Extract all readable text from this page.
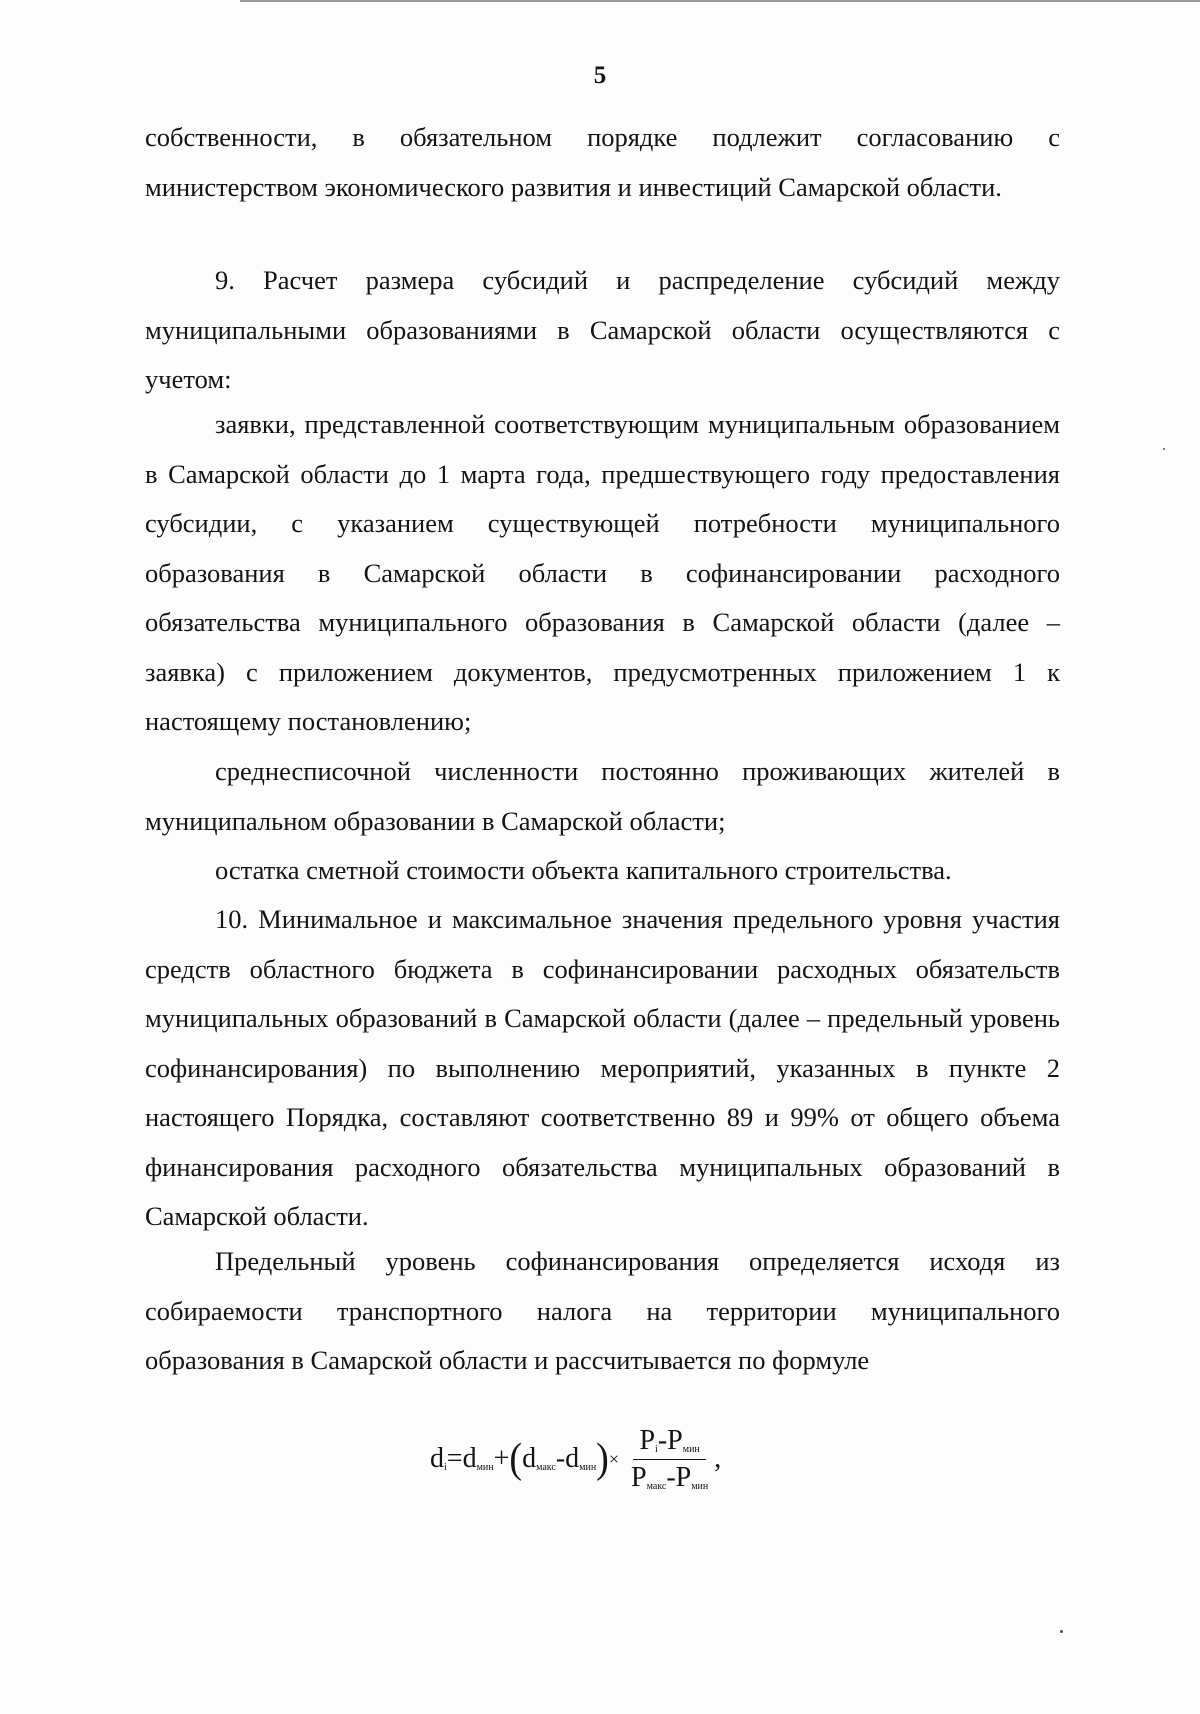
5

собственности, в обязательном порядке подлежит согласованию с министерством экономического развития и инвестиций Самарской области.

9. Расчет размера субсидий и распределение субсидий между муниципальными образованиями в Самарской области осуществляются с учетом:

заявки, представленной соответствующим муниципальным образованием в Самарской области до 1 марта года, предшествующего году предоставления субсидии, с указанием существующей потребности муниципального образования в Самарской области в софинансировании расходного обязательства муниципального образования в Самарской области (далее – заявка) с приложением документов, предусмотренных приложением 1 к настоящему постановлению;

среднесписочной численности постоянно проживающих жителей в муниципальном образовании в Самарской области;

остатка сметной стоимости объекта капитального строительства.

10. Минимальное и максимальное значения предельного уровня участия средств областного бюджета в софинансировании расходных обязательств муниципальных образований в Самарской области (далее – предельный уровень софинансирования) по выполнению мероприятий, указанных в пункте 2 настоящего Порядка, составляют соответственно 89 и 99% от общего объема финансирования расходного обязательства муниципальных образований в Самарской области.

Предельный уровень софинансирования определяется исходя из собираемости транспортного налога на территории муниципального образования в Самарской области и рассчитывается по формуле

$d_i = d_{мин}$ + ( $d_{макс} - d_{мин}$ ) × $\frac{P_i-P_{мин}}{P_{макс}-P_{мин}}$ ,
